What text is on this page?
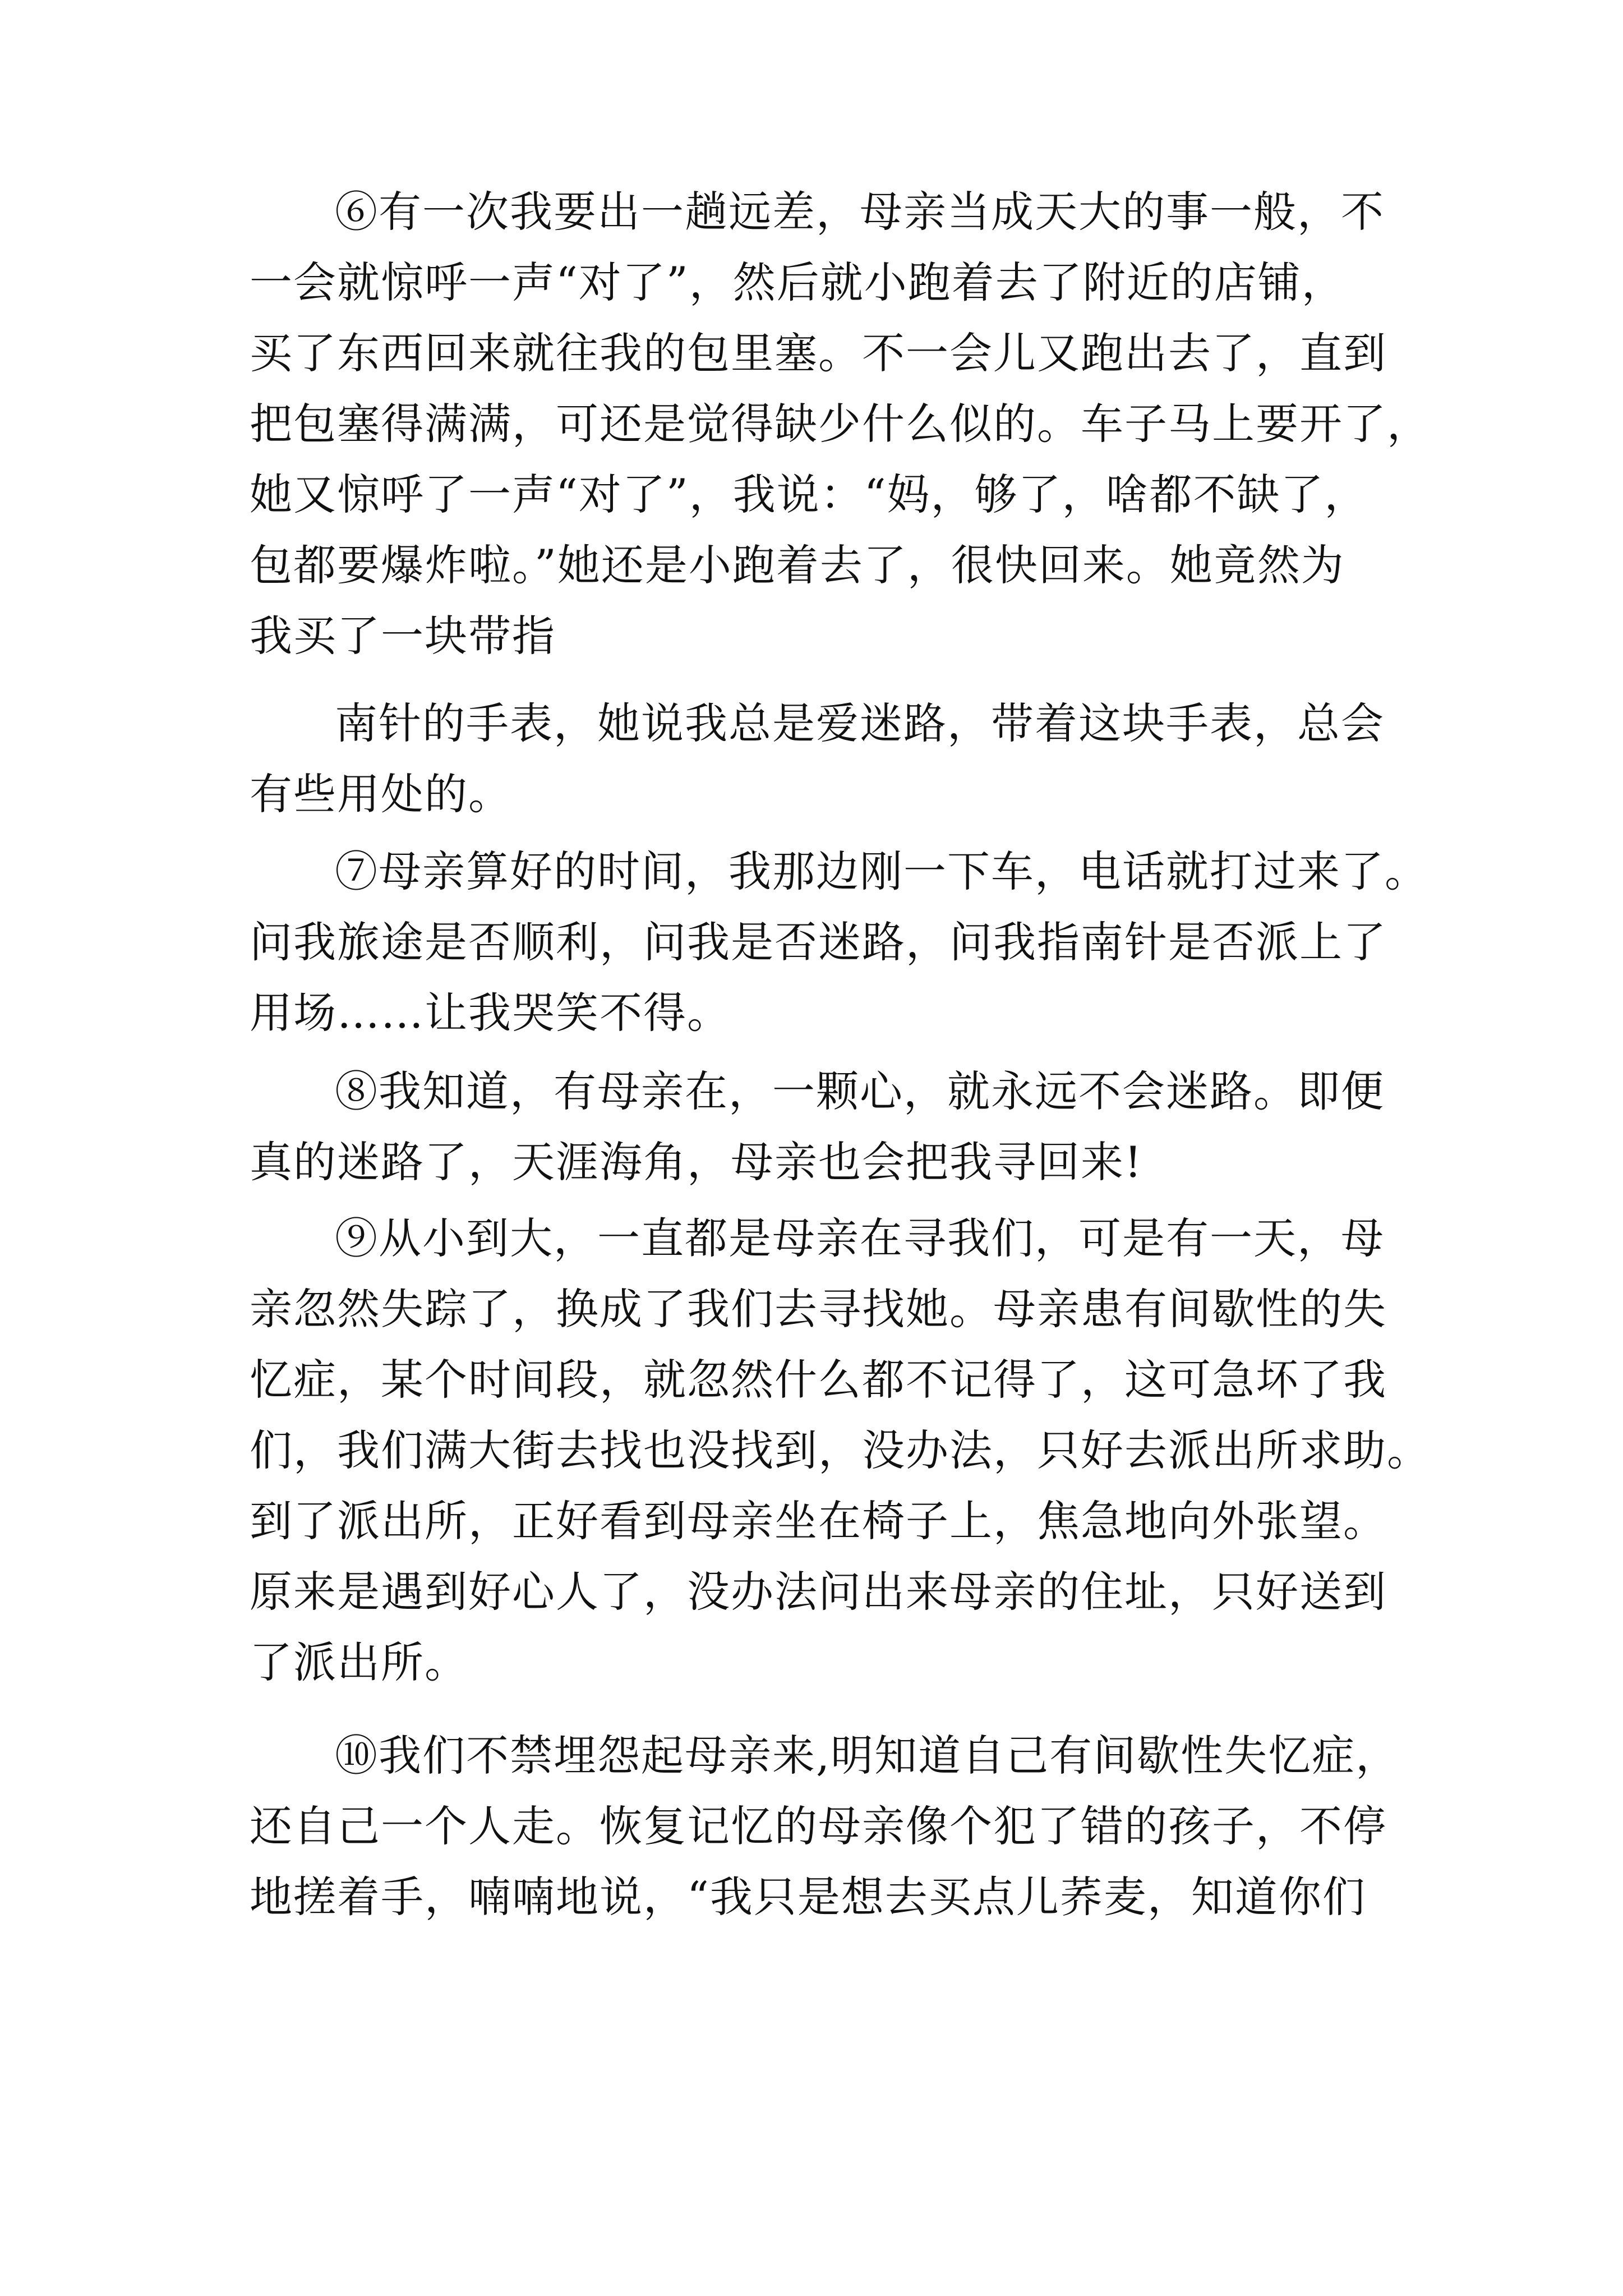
⑥有一次我要出一趟远差，母亲当成天大的事一般，不
一会就惊呼一声“对了”，然后就小跑着去了附近的店铺，
买了东西回来就往我的包里塞。不一会儿又跑出去了，直到
把包塞得满满，可还是觉得缺少什么似的。车子马上要开了，
她又惊呼了一声“对了”，我说：“妈，够了，啥都不缺了，
包都要爆炸啦。”她还是小跑着去了，很快回来。她竟然为
我买了一块带指
南针的手表，她说我总是爱迷路，带着这块手表，总会
有些用处的。
⑦母亲算好的时间，我那边刚一下车，电话就打过来了。
问我旅途是否顺利，问我是否迷路，问我指南针是否派上了
用场……让我哭笑不得。
⑧我知道，有母亲在，一颗心，就永远不会迷路。即便
真的迷路了，天涯海角，母亲也会把我寻回来!
⑨从小到大，一直都是母亲在寻我们，可是有一天，母
亲忽然失踪了，换成了我们去寻找她。母亲患有间歇性的失
忆症，某个时间段，就忽然什么都不记得了，这可急坏了我
们，我们满大街去找也没找到，没办法，只好去派出所求助。
到了派出所，正好看到母亲坐在椅子上，焦急地向外张望。
原来是遇到好心人了，没办法问出来母亲的住址，只好送到
了派出所。
⑩我们不禁埋怨起母亲来,明知道自己有间歇性失忆症，
还自己一个人走。恢复记忆的母亲像个犯了错的孩子，不停
地搓着手，喃喃地说，“我只是想去买点儿荞麦，知道你们
